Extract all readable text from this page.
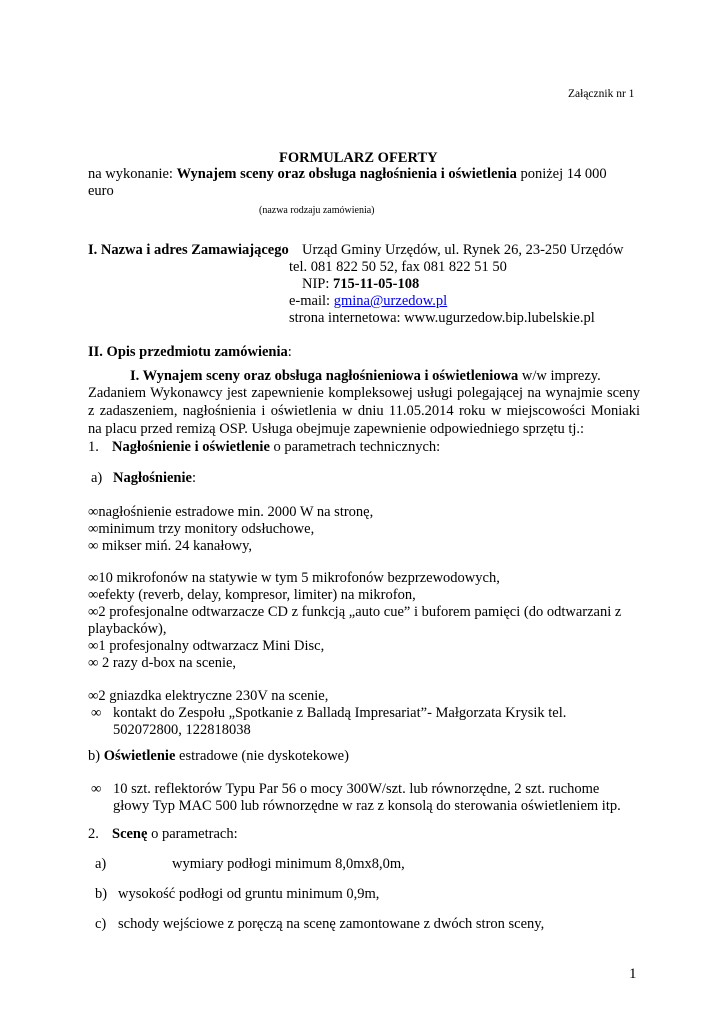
Załącznik nr 1
FORMULARZ OFERTY
na wykonanie: Wynajem sceny oraz obsługa nagłośnienia i oświetlenia poniżej 14 000
euro
(nazwa rodzaju zamówienia)
I. Nazwa i adres Zamawiającego Urząd Gminy Urzędów, ul. Rynek 26, 23-250 Urzędów
tel. 081 822 50 52, fax 081 822 51 50
NIP: 715-11-05-108
e-mail: gmina@urzedow.pl
strona internetowa: www.ugurzedow.bip.lubelskie.pl
II. Opis przedmiotu zamówienia:
I. Wynajem sceny oraz obsługa nagłośnieniowa i oświetleniowa w/w imprezy.
Zadaniem Wykonawcy jest zapewnienie kompleksowej usługi polegającej na wynajmie sceny
z zadaszeniem, nagłośnienia i oświetlenia w dniu 11.05.2014 roku w miejscowości Moniaki
na placu przed remizą OSP. Usługa obejmuje zapewnienie odpowiedniego sprzętu tj.:
1. Nagłośnienie i oświetlenie o parametrach technicznych:
a) Nagłośnienie:
∞nagłośnienie estradowe min. 2000 W na stronę,
∞minimum trzy monitory odsłuchowe,
∞ mikser miń. 24 kanałowy,
∞10 mikrofonów na statywie w tym 5 mikrofonów bezprzewodowych,
∞efekty (reverb, delay, kompresor, limiter) na mikrofon,
∞2 profesjonalne odtwarzacze CD z funkcją „auto cue” i buforem pamięci (do odtwarzani z
playbacków),
∞1 profesjonalny odtwarzacz Mini Disc,
∞ 2 razy d-box na scenie,
∞2 gniazdka elektryczne 230V na scenie,
∞ kontakt do Zespołu „Spotkanie z Balladą Impresariat”- Małgorzata Krysik tel.
502072800, 122818038
b) Oświetlenie estradowe (nie dyskotekowe)
∞ 10 szt. reflektorów Typu Par 56 o mocy 300W/szt. lub równorzędne, 2 szt. ruchome
głowy Typ MAC 500 lub równorzędne w raz z konsolą do sterowania oświetleniem itp.
2. Scenę o parametrach:
a)	wymiary podłogi minimum 8,0mx8,0m,
b) wysokość podłogi od gruntu minimum 0,9m,
c) schody wejściowe z poręczą na scenę zamontowane z dwóch stron sceny,
1
